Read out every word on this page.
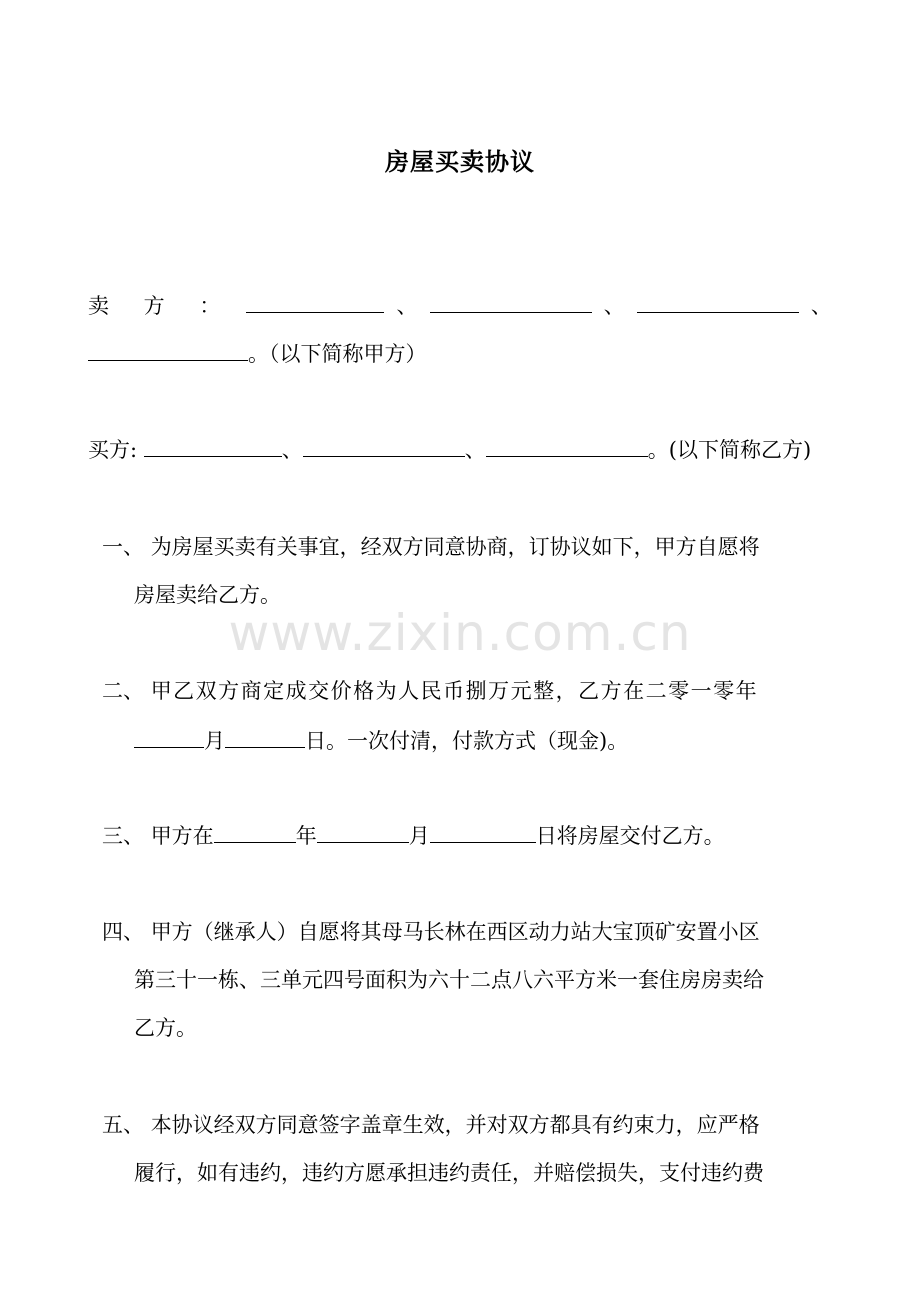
房屋买卖协议
卖 方 ：	、	、	、
。（以下简称甲方）
买方:	、	、	。(以下简称乙方)
一、 为房屋买卖有关事宜，经双方同意协商，订协议如下，甲方自愿将
房屋卖给乙方。
www.zixin.com.cn
二、 甲乙双方商定成交价格为人民币捌万元整，乙方在二零一零年
月	日。一次付清，付款方式（现金)。
三、 甲方在	年	月	日将房屋交付乙方。
四、 甲方（继承人）自愿将其母马长林在西区动力站大宝顶矿安置小区
第三十一栋、三单元四号面积为六十二点八六平方米一套住房房卖给
乙方。
五、 本协议经双方同意签字盖章生效，并对双方都具有约束力，应严格
履行，如有违约，违约方愿承担违约责任，并赔偿损失，支付违约费
